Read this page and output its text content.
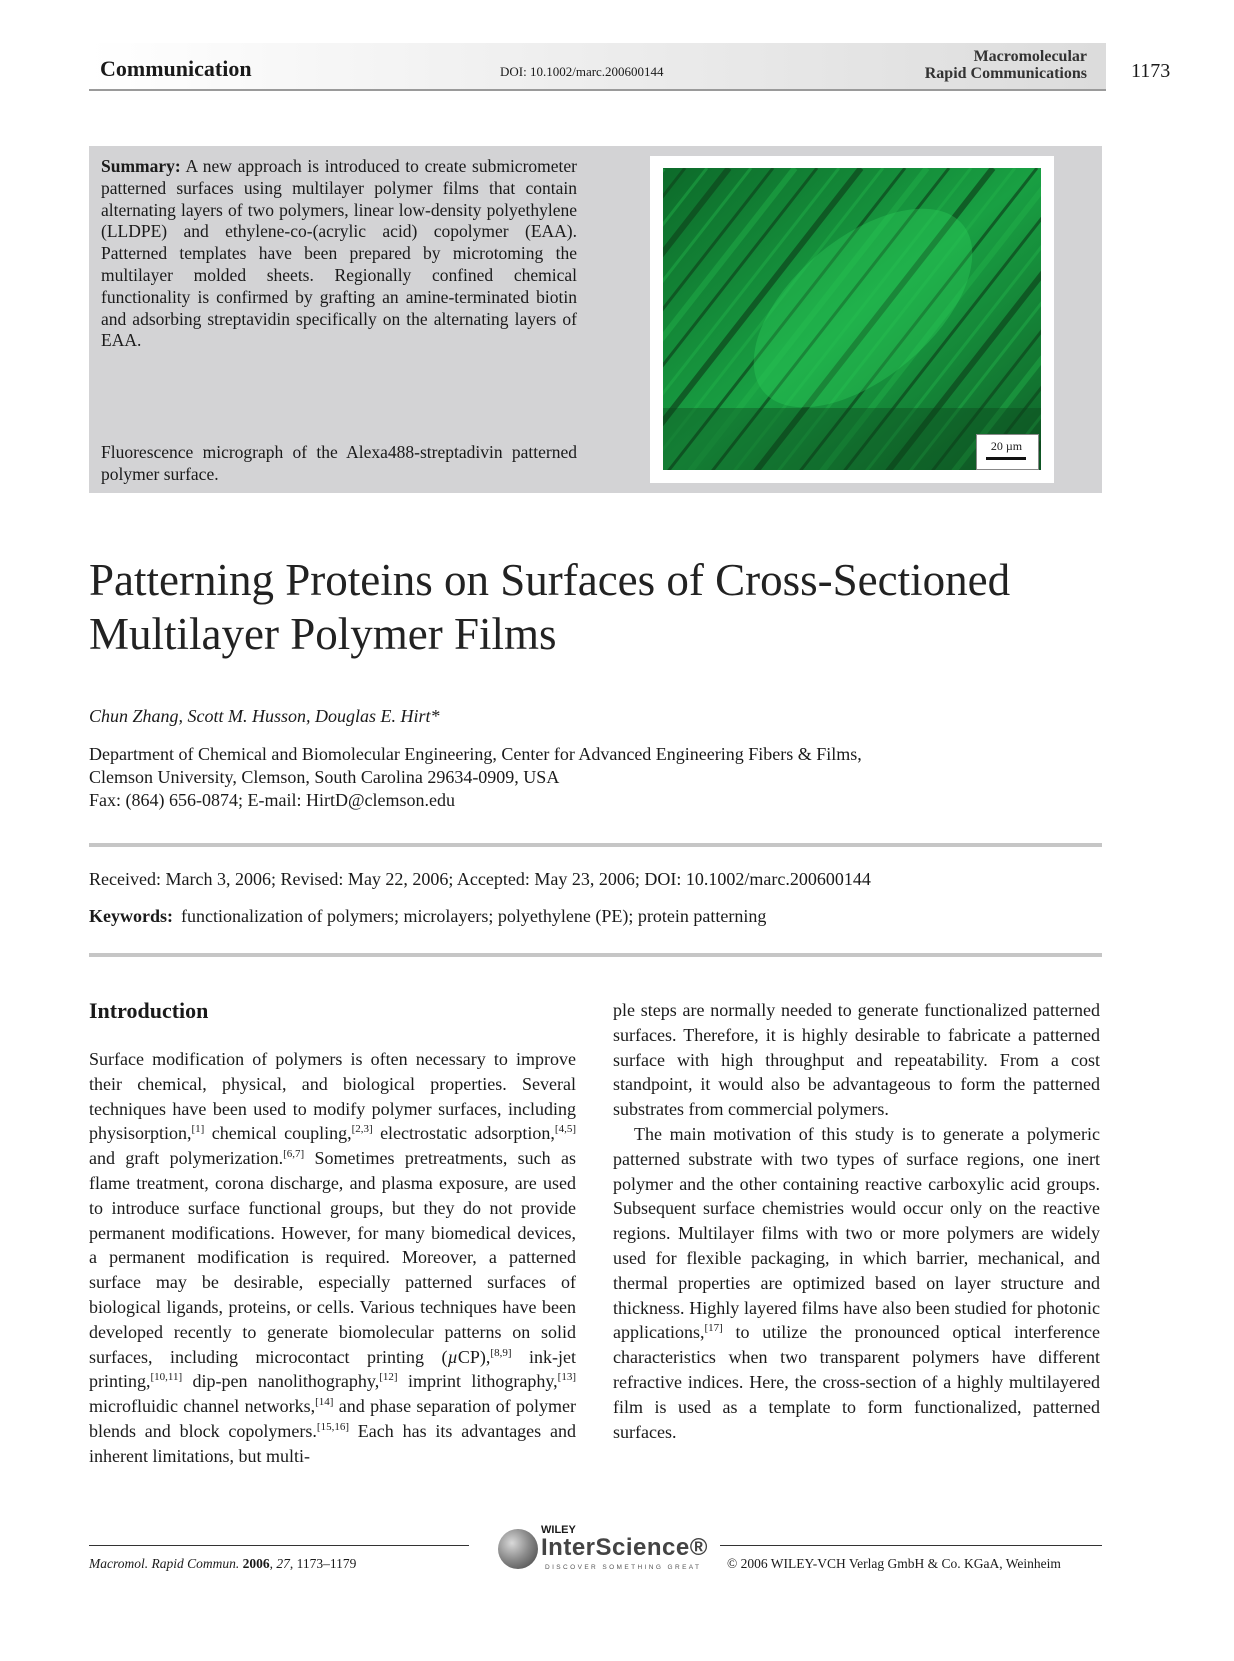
Communication	DOI: 10.1002/marc.200600144
Macromolecular
Rapid Communications 1173
Summary: A new approach is introduced to create submicrometer patterned surfaces using multilayer polymer films that contain alternating layers of two polymers, linear low-density polyethylene (LLDPE) and ethylene-co-(acrylic acid) copolymer (EAA). Patterned templates have been prepared by microtoming the multilayer molded sheets. Regionally confined chemical functionality is confirmed by grafting an amine-terminated biotin and adsorbing streptavidin specifically on the alternating layers of EAA.
Fluorescence micrograph of the Alexa488-streptadivin patterned polymer surface.
20 µm
Patterning Proteins on Surfaces of Cross-Sectioned
Multilayer Polymer Films
Chun Zhang, Scott M. Husson, Douglas E. Hirt*
Department of Chemical and Biomolecular Engineering, Center for Advanced Engineering Fibers & Films,
Clemson University, Clemson, South Carolina 29634-0909, USA
Fax: (864) 656-0874; E-mail: HirtD@clemson.edu
Received: March 3, 2006; Revised: May 22, 2006; Accepted: May 23, 2006; DOI: 10.1002/marc.200600144
Keywords: functionalization of polymers; microlayers; polyethylene (PE); protein patterning
Introduction

Surface modification of polymers is often necessary to improve their chemical, physical, and biological properties. Several techniques have been used to modify polymer surfaces, including physisorption,[1] chemical coupling,[2,3] electrostatic adsorption,[4,5] and graft polymerization.[6,7] Sometimes pretreatments, such as flame treatment, corona discharge, and plasma exposure, are used to introduce surface functional groups, but they do not provide permanent modifications. However, for many biomedical devices, a permanent modification is required. Moreover, a patterned surface may be desirable, especially patterned surfaces of biological ligands, proteins, or cells. Various techniques have been developed recently to generate biomolecular patterns on solid surfaces, including microcontact printing (µCP),[8,9] ink-jet printing,[10,11] dip-pen nanolithography,[12] imprint lithography,[13] microfluidic channel networks,[14] and phase separation of polymer blends and block copolymers.[15,16] Each has its advantages and inherent limitations, but multi-

ple steps are normally needed to generate functionalized patterned surfaces. Therefore, it is highly desirable to fabricate a patterned surface with high throughput and repeatability. From a cost standpoint, it would also be advantageous to form the patterned substrates from commercial polymers.

The main motivation of this study is to generate a polymeric patterned substrate with two types of surface regions, one inert polymer and the other containing reactive carboxylic acid groups. Subsequent surface chemistries would occur only on the reactive regions. Multilayer films with two or more polymers are widely used for flexible packaging, in which barrier, mechanical, and thermal properties are optimized based on layer structure and thickness. Highly layered films have also been studied for photonic applications,[17] to utilize the pronounced optical interference characteristics when two transparent polymers have different refractive indices. Here, the cross-section of a highly multilayered film is used as a template to form functionalized, patterned surfaces.

Macromol. Rapid Commun. 2006, 27, 1173–1179
WILEY
InterScience®
DISCOVER SOMETHING GREAT © 2006 WILEY-VCH Verlag GmbH & Co. KGaA, Weinheim
